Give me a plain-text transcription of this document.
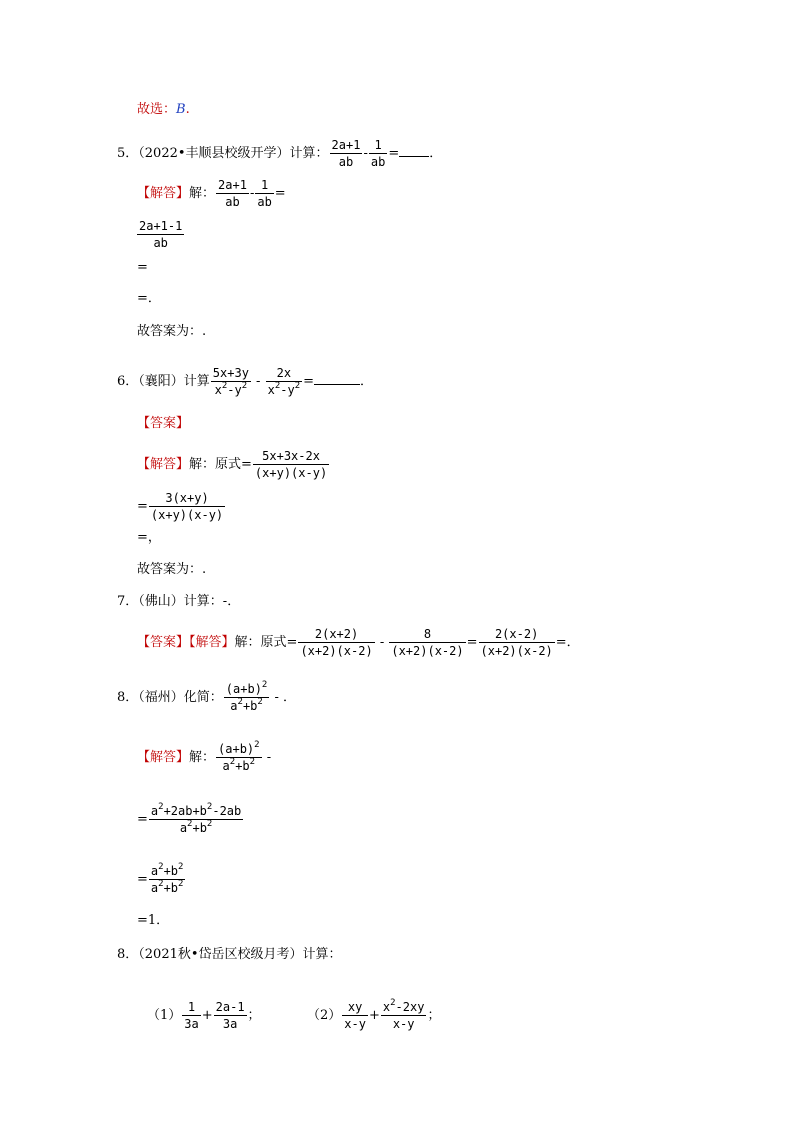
故选：B.
5．（2022•丰顺县校级开学）计算： $\frac{2a+1}{ab} - \frac{1}{ab}$ = ．
【解答】解： $\frac{2a+1}{ab} - \frac{1}{ab}$ =
$\frac{2a+1-1}{ab}$
=
=．
故答案为：.
6．（襄阳）计算 $\frac{5x+3y}{x^2-y^2} - \frac{2x}{x^2-y^2}$ =	．
【答案】
【解答】解：原式= $\frac{5x+3x-2x}{(x+y)(x-y)}$
= $\frac{3(x+y)}{(x+y)(x-y)}$
=，
故答案为：.
7．（佛山）计算：-．
【答案】【解答】解：原式= $\frac{2(x+2)}{(x+2)(x-2)} - \frac{8}{(x+2)(x-2)} = \frac{2(x-2)}{(x+2)(x-2)}$ =．
8．（福州）化简： $\frac{(a+b)^2}{a^2+b^2}$ - ．
【解答】解： $\frac{(a+b)^2}{a^2+b^2}$ -
= $\frac{a^2+2ab+b^2-2ab}{a^2+b^2}$
= $\frac{a^2+b^2}{a^2+b^2}$
=1．
8．（2021秋•岱岳区校级月考）计算：
$(1) \frac{1}{3a} + \frac{2a-1}{3a}$ ；	$(2) \frac{xy}{x-y} + \frac{x^2-2xy}{x-y}$ ；
